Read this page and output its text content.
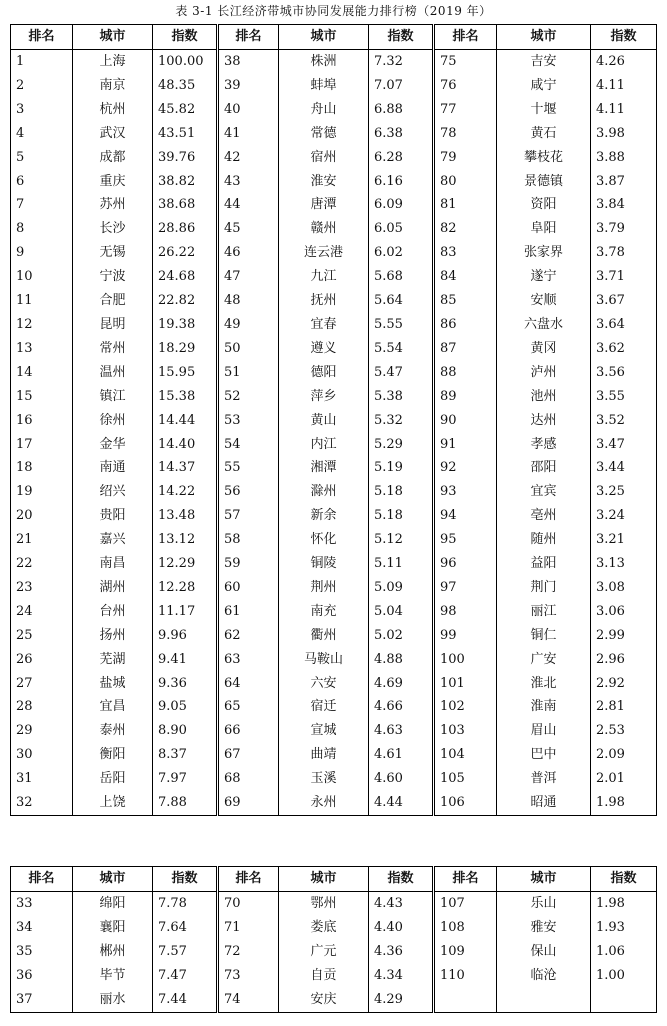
表 3-1 长江经济带城市协同发展能力排行榜（2019 年）
排名	城市	指数	排名	城市	指数	排名	城市	指数
1	上海	100.00	38	株洲	7.32	75	吉安	4.26
2	南京	48.35	39	蚌埠	7.07	76	咸宁	4.11
3	杭州	45.82	40	舟山	6.88	77	十堰	4.11
4	武汉	43.51	41	常德	6.38	78	黄石	3.98
5	成都	39.76	42	宿州	6.28	79	攀枝花	3.88
6	重庆	38.82	43	淮安	6.16	80	景德镇	3.87
7	苏州	38.68	44	唐潭	6.09	81	资阳	3.84
8	长沙	28.86	45	赣州	6.05	82	阜阳	3.79
9	无锡	26.22	46	连云港	6.02	83	张家界	3.78
10	宁波	24.68	47	九江	5.68	84	遂宁	3.71
11	合肥	22.82	48	抚州	5.64	85	安顺	3.67
12	昆明	19.38	49	宜春	5.55	86	六盘水	3.64
13	常州	18.29	50	遵义	5.54	87	黄冈	3.62
14	温州	15.95	51	德阳	5.47	88	泸州	3.56
15	镇江	15.38	52	萍乡	5.38	89	池州	3.55
16	徐州	14.44	53	黄山	5.32	90	达州	3.52
17	金华	14.40	54	内江	5.29	91	孝感	3.47
18	南通	14.37	55	湘潭	5.19	92	邵阳	3.44
19	绍兴	14.22	56	滁州	5.18	93	宜宾	3.25
20	贵阳	13.48	57	新余	5.18	94	亳州	3.24
21	嘉兴	13.12	58	怀化	5.12	95	随州	3.21
22	南昌	12.29	59	铜陵	5.11	96	益阳	3.13
23	湖州	12.28	60	荆州	5.09	97	荆门	3.08
24	台州	11.17	61	南充	5.04	98	丽江	3.06
25	扬州	9.96	62	衢州	5.02	99	铜仁	2.99
26	芜湖	9.41	63	马鞍山	4.88	100	广安	2.96
27	盐城	9.36	64	六安	4.69	101	淮北	2.92
28	宜昌	9.05	65	宿迁	4.66	102	淮南	2.81
29	泰州	8.90	66	宣城	4.63	103	眉山	2.53
30	衡阳	8.37	67	曲靖	4.61	104	巴中	2.09
31	岳阳	7.97	68	玉溪	4.60	105	普洱	2.01
32	上饶	7.88	69	永州	4.44	106	昭通	1.98
排名	城市	指数	排名	城市	指数	排名	城市	指数
33	绵阳	7.78	70	鄂州	4.43	107	乐山	1.98
34	襄阳	7.64	71	娄底	4.40	108	雅安	1.93
35	郴州	7.57	72	广元	4.36	109	保山	1.06
36	毕节	7.47	73	自贡	4.34	110	临沧	1.00
37	丽水	7.44	74	安庆	4.29			
